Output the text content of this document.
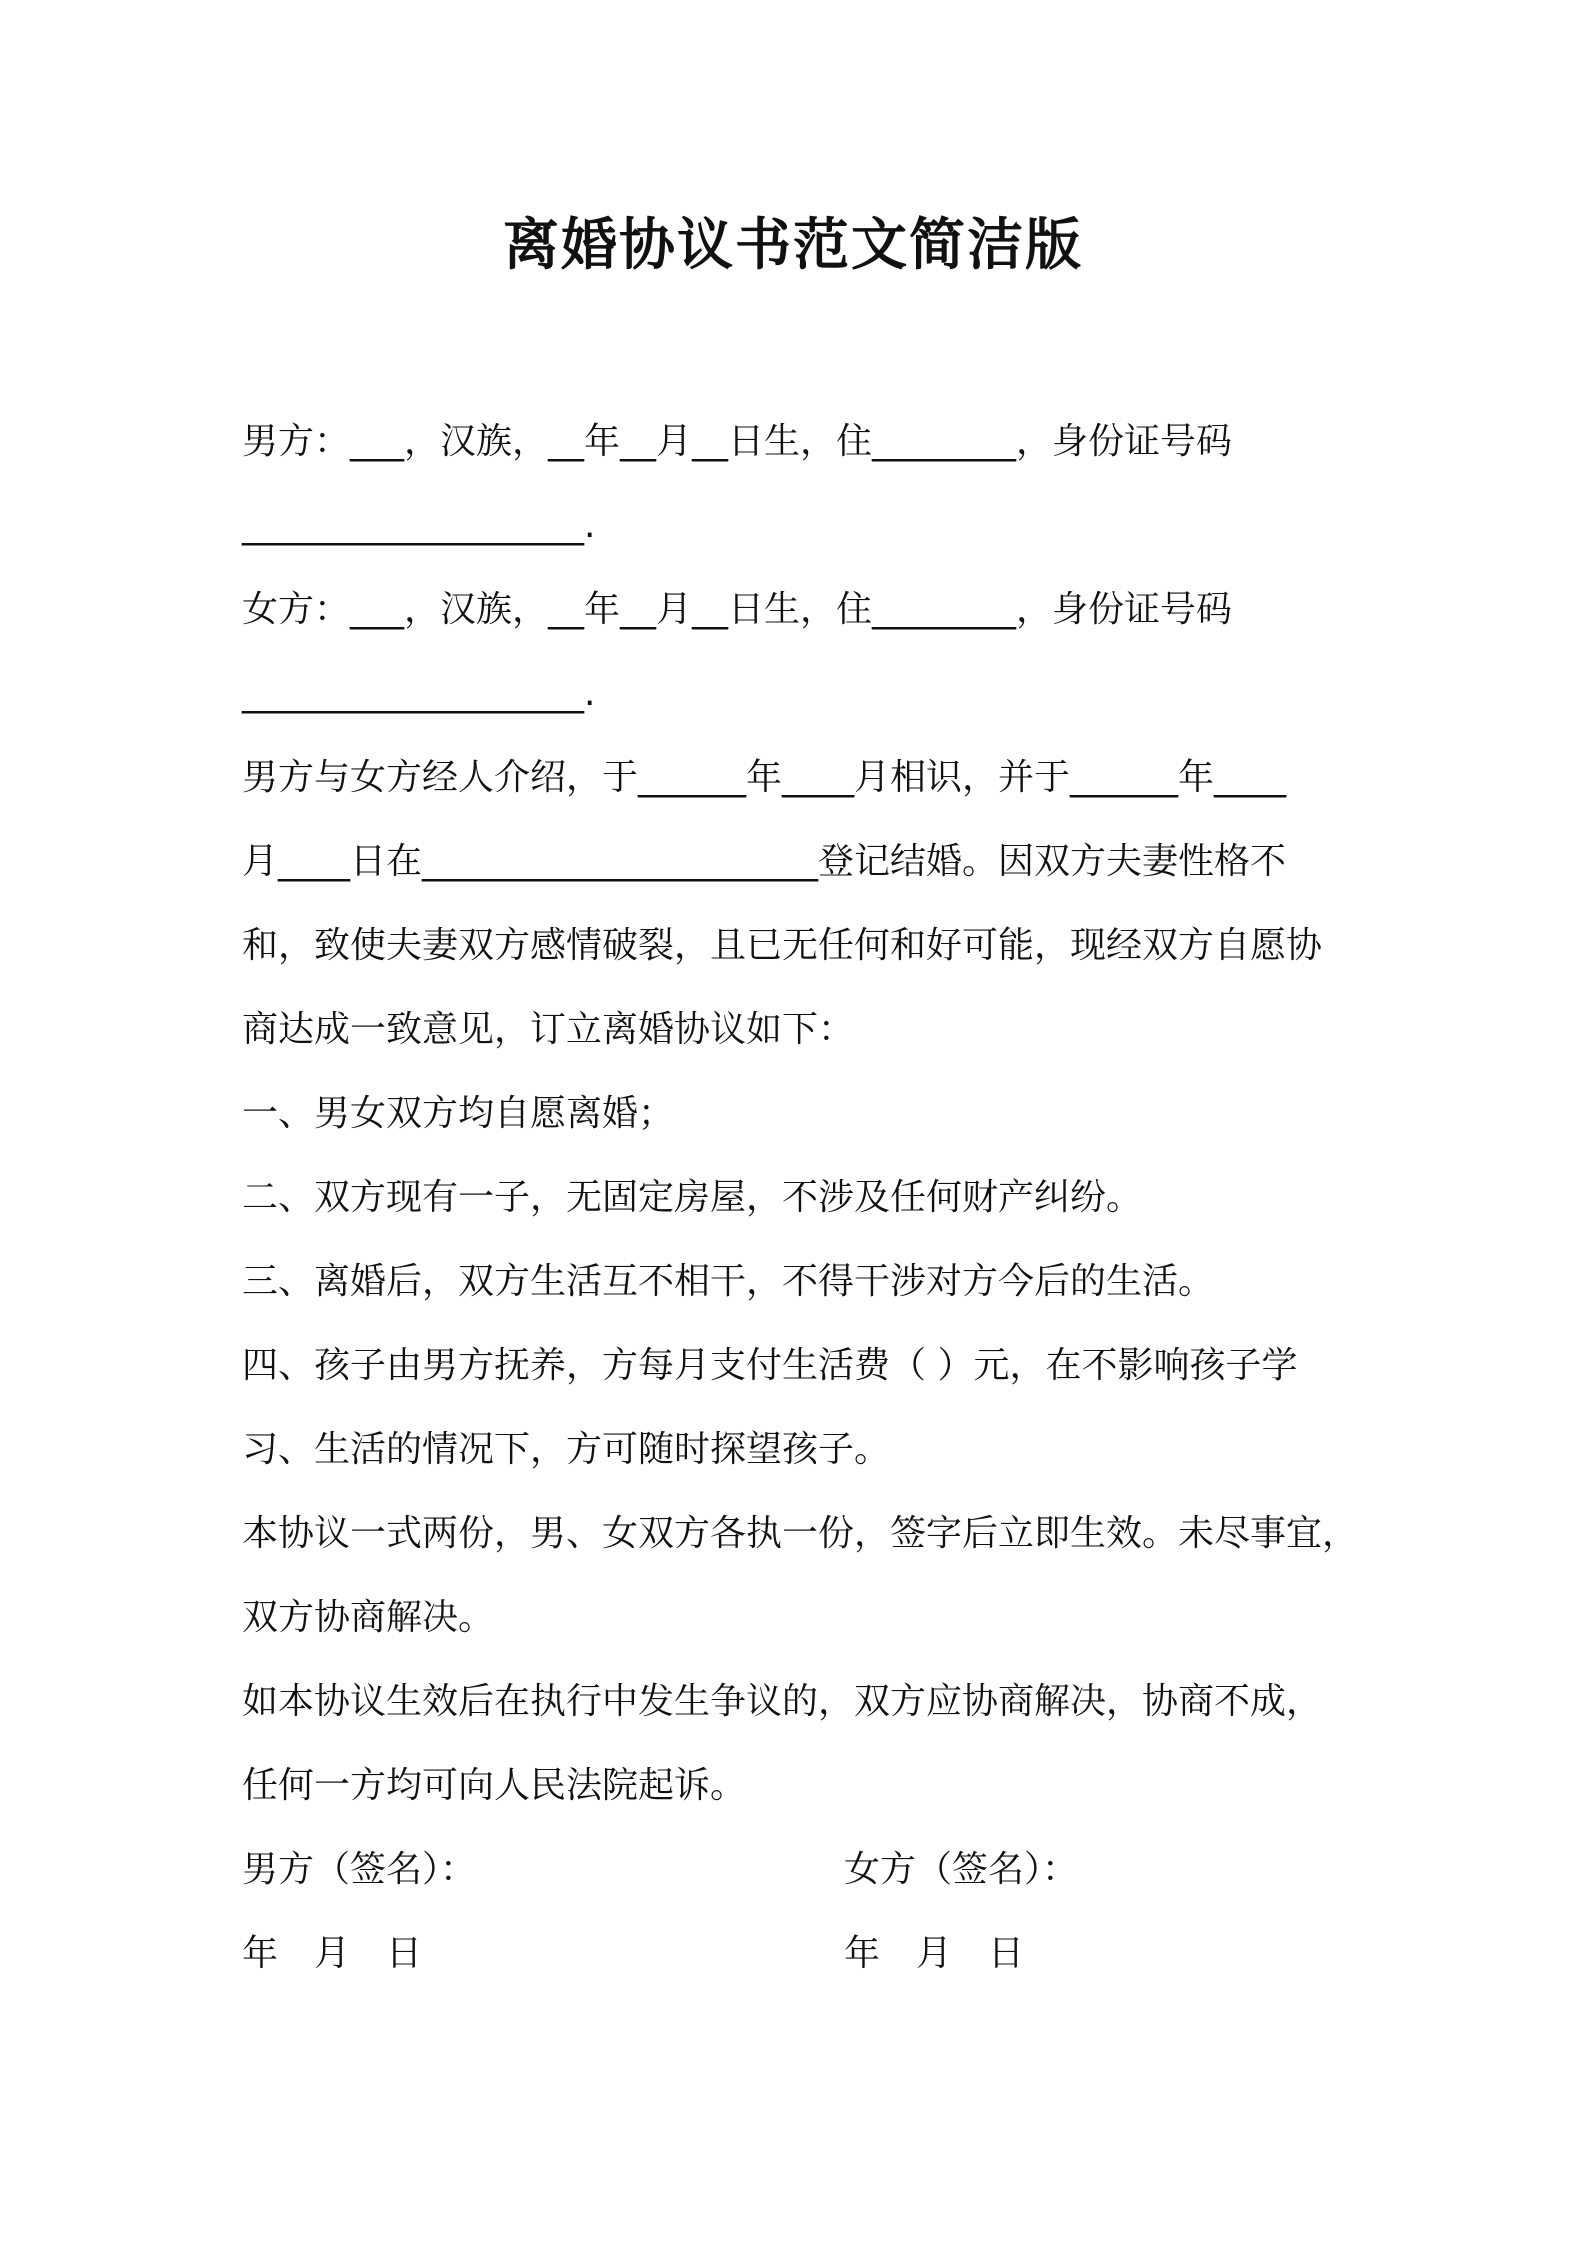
离婚协议书范文简洁版
男方：___，汉族，__年__月__日生，住________，身份证号码
___________________.
女方：___，汉族，__年__月__日生，住________，身份证号码
___________________.
男方与女方经人介绍，于______年____月相识，并于______年____
月____日在______________________登记结婚。因双方夫妻性格不
和，致使夫妻双方感情破裂，且已无任何和好可能，现经双方自愿协
商达成一致意见，订立离婚协议如下：
一、男女双方均自愿离婚；
二、双方现有一子，无固定房屋，不涉及任何财产纠纷。
三、离婚后，双方生活互不相干，不得干涉对方今后的生活。
四、孩子由男方抚养，方每月支付生活费（ ）元，在不影响孩子学
习、生活的情况下，方可随时探望孩子。
本协议一式两份，男、女双方各执一份，签字后立即生效。未尽事宜，
双方协商解决。
如本协议生效后在执行中发生争议的，双方应协商解决，协商不成，
任何一方均可向人民法院起诉。
男方（签名）：	女方（签名）：
年　月　日	年　月　日
